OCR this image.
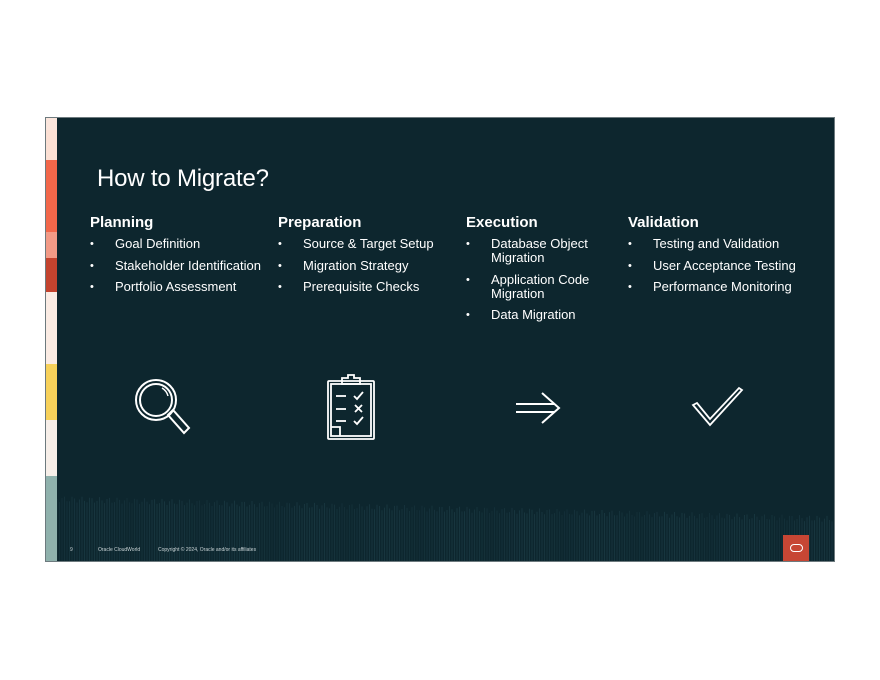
How to Migrate?
Planning
• Goal Definition
• Stakeholder Identification
• Portfolio Assessment
Preparation
• Source & Target Setup
• Migration Strategy
• Prerequisite Checks
Execution
• Database Object Migration
• Application Code Migration
• Data Migration
Validation
• Testing and Validation
• User Acceptance Testing
• Performance Monitoring
9	Oracle CloudWorld	Copyright © 2024, Oracle and/or its affiliates
